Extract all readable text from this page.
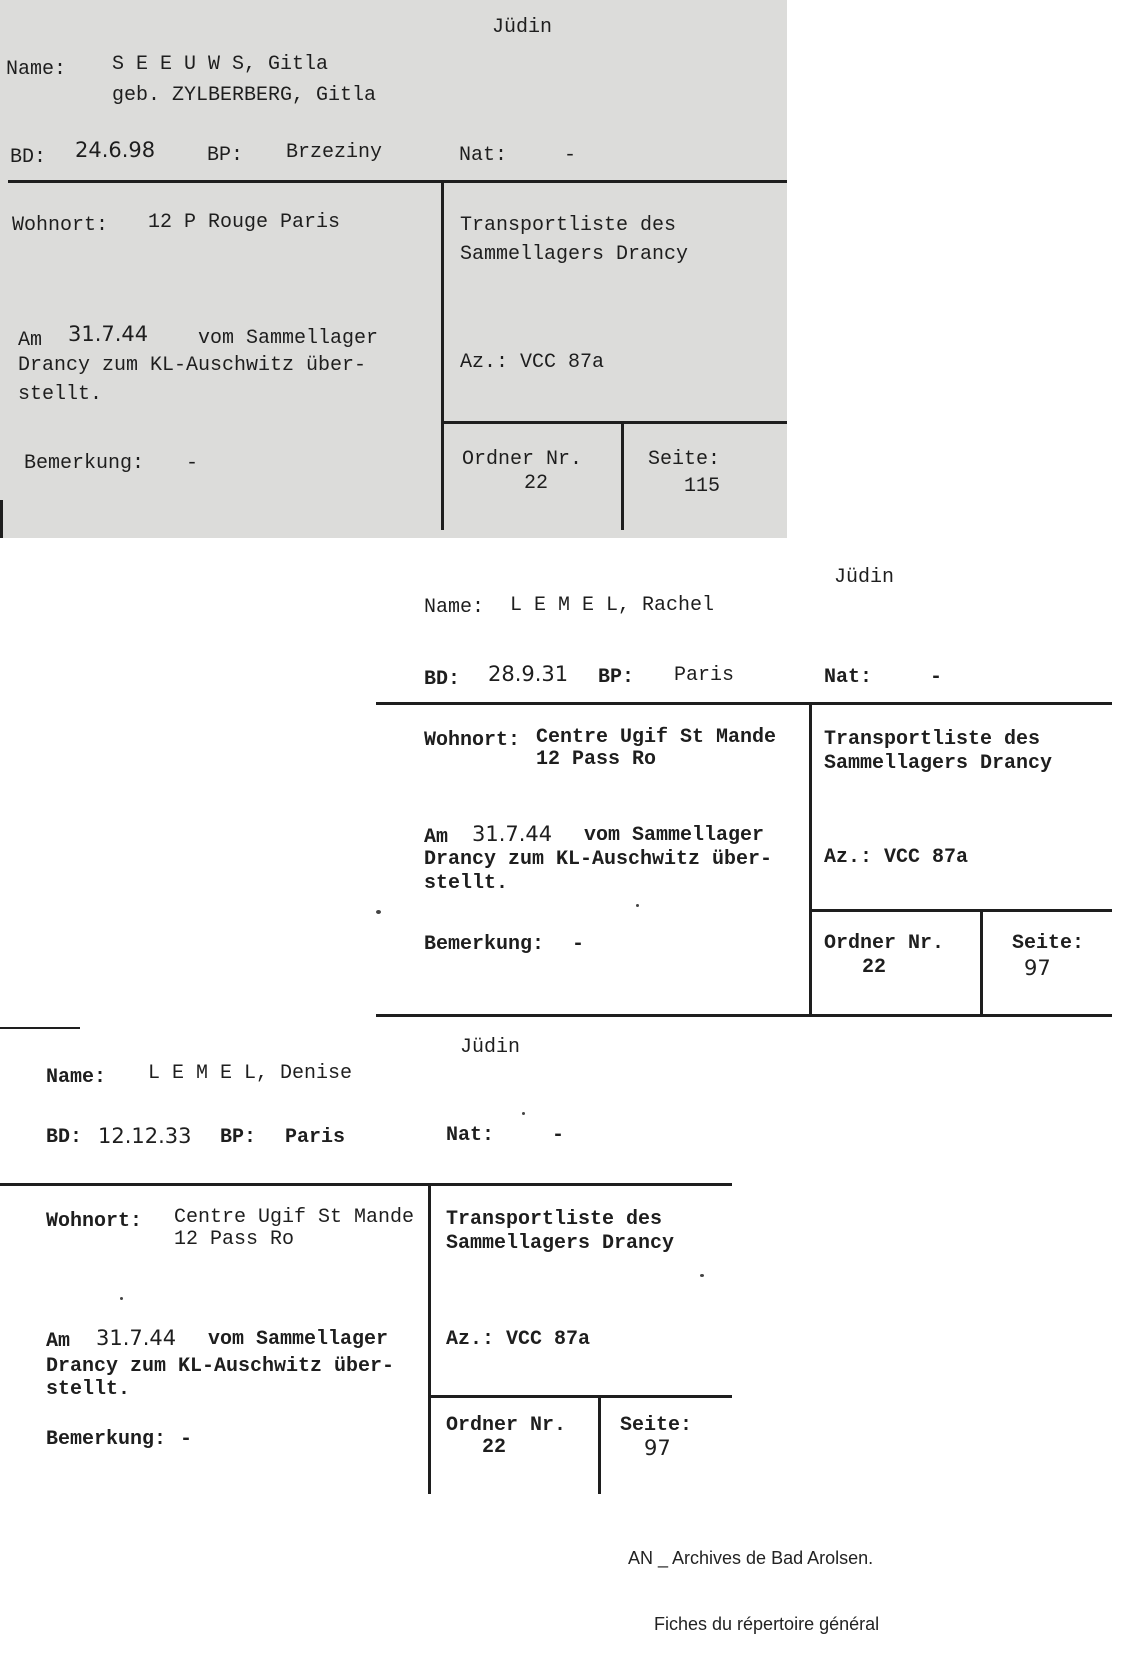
Jüdin
Name: S E E U W S, Gitla
geb. ZYLBERBERG, Gitla
BD: 24.6.98	BP: Brzeziny	Nat:	-
Wohnort: 12 P Rouge Paris	Transportliste des
Sammellagers Drancy
Am 31.7.44 vom Sammellager
Drancy zum KL-Auschwitz über-
stellt.
Az.: VCC 87a
Bemerkung: -	Ordner Nr.
22
Seite:
115
Jüdin
Name: L E M E L, Rachel
BD: 28.9.31 BP: Paris	Nat:	-
Wohnort: Centre Ugif St Mande
12 Pass Ro
Transportliste des
Sammellagers Drancy
Am 31.7.44 vom Sammellager
Drancy zum KL-Auschwitz über-
stellt.
Az.: VCC 87a
Bemerkung: -	Ordner Nr.
22
Seite:
97
Jüdin
Name: L E M E L, Denise
BD: 12.12.33 BP: Paris	Nat:	-
Wohnort: Centre Ugif St Mande
12 Pass Ro
Transportliste des
Sammellagers Drancy
Am 31.7.44 vom Sammellager
Drancy zum KL-Auschwitz über-
stellt.
Az.: VCC 87a
Bemerkung: -
Ordner Nr.
22
Seite:
97

AN _ Archives de Bad Arolsen.

Fiches du répertoire général
